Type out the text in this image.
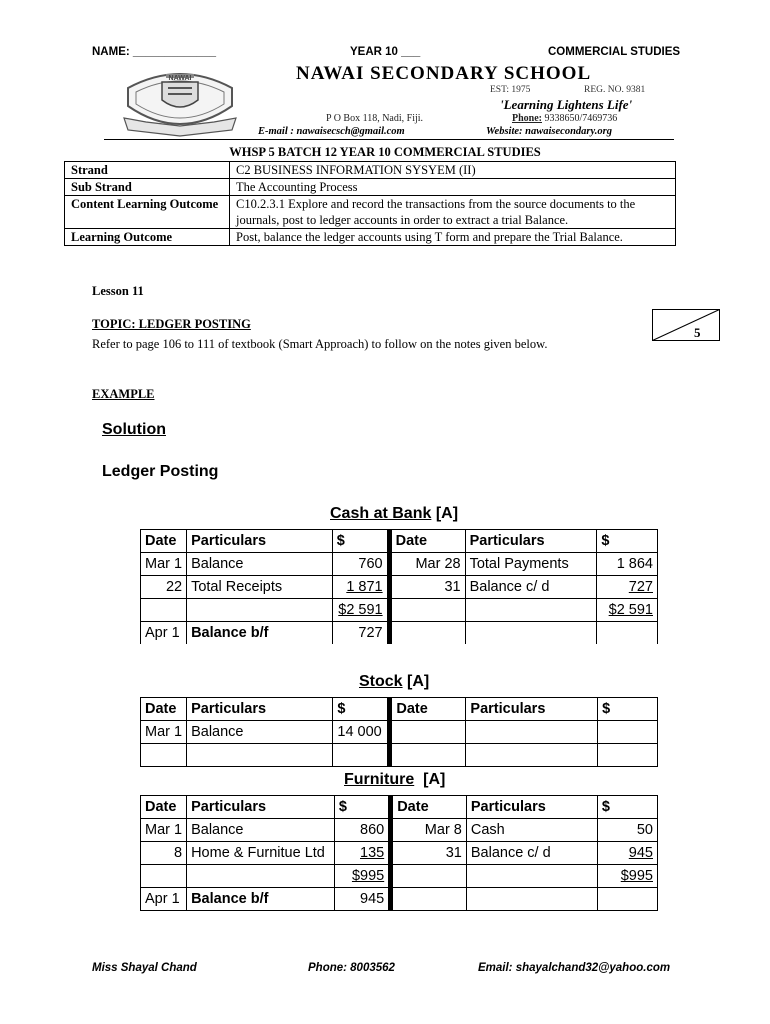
NAME: _____________	YEAR 10 ___	COMMERCIAL STUDIES
NAWAI	NAWAI SECONDARY SCHOOL
EST: 1975	REG. NO. 9381
'Learning Lightens Life'
P O Box 118, Nadi, Fiji.	Phone: 9338650/7469736
E-mail : nawaisecsch@gmail.com	Website: nawaisecondary.org
WHSP 5 BATCH 12 YEAR 10 COMMERCIAL STUDIES
Strand	C2 BUSINESS INFORMATION SYSYEM (II)
Sub Strand	The Accounting Process
Content Learning Outcome	C10.2.3.1 Explore and record the transactions from the source documents to the journals, post to ledger accounts in order to extract a trial Balance.
Learning Outcome	Post, balance the ledger accounts using T form and prepare the Trial Balance.
Lesson 11
TOPIC: LEDGER POSTING
Refer to page 106 to 111 of textbook (Smart Approach) to follow on the notes given below.
EXAMPLE
5
Solution
Ledger Posting
Cash at Bank [A]
Date	Particulars	$	Date	Particulars	$
Mar 1	Balance	760	Mar 28	Total Payments	1 864
22	Total Receipts	1 871	31	Balance c/ d	727
		$2 591			$2 591
Apr 1	Balance b/f	727			
Stock [A]
Date	Particulars	$	Date	Particulars	$
Mar 1	Balance	14 000			

Furniture  [A]
Date	Particulars	$	Date	Particulars	$
Mar 1	Balance	860	Mar 8	Cash	50
8	Home & Furnitue Ltd	135	31	Balance c/ d	945
		$995			$995
Apr 1	Balance b/f	945			
Miss Shayal Chand	Phone: 8003562	Email: shayalchand32@yahoo.com
